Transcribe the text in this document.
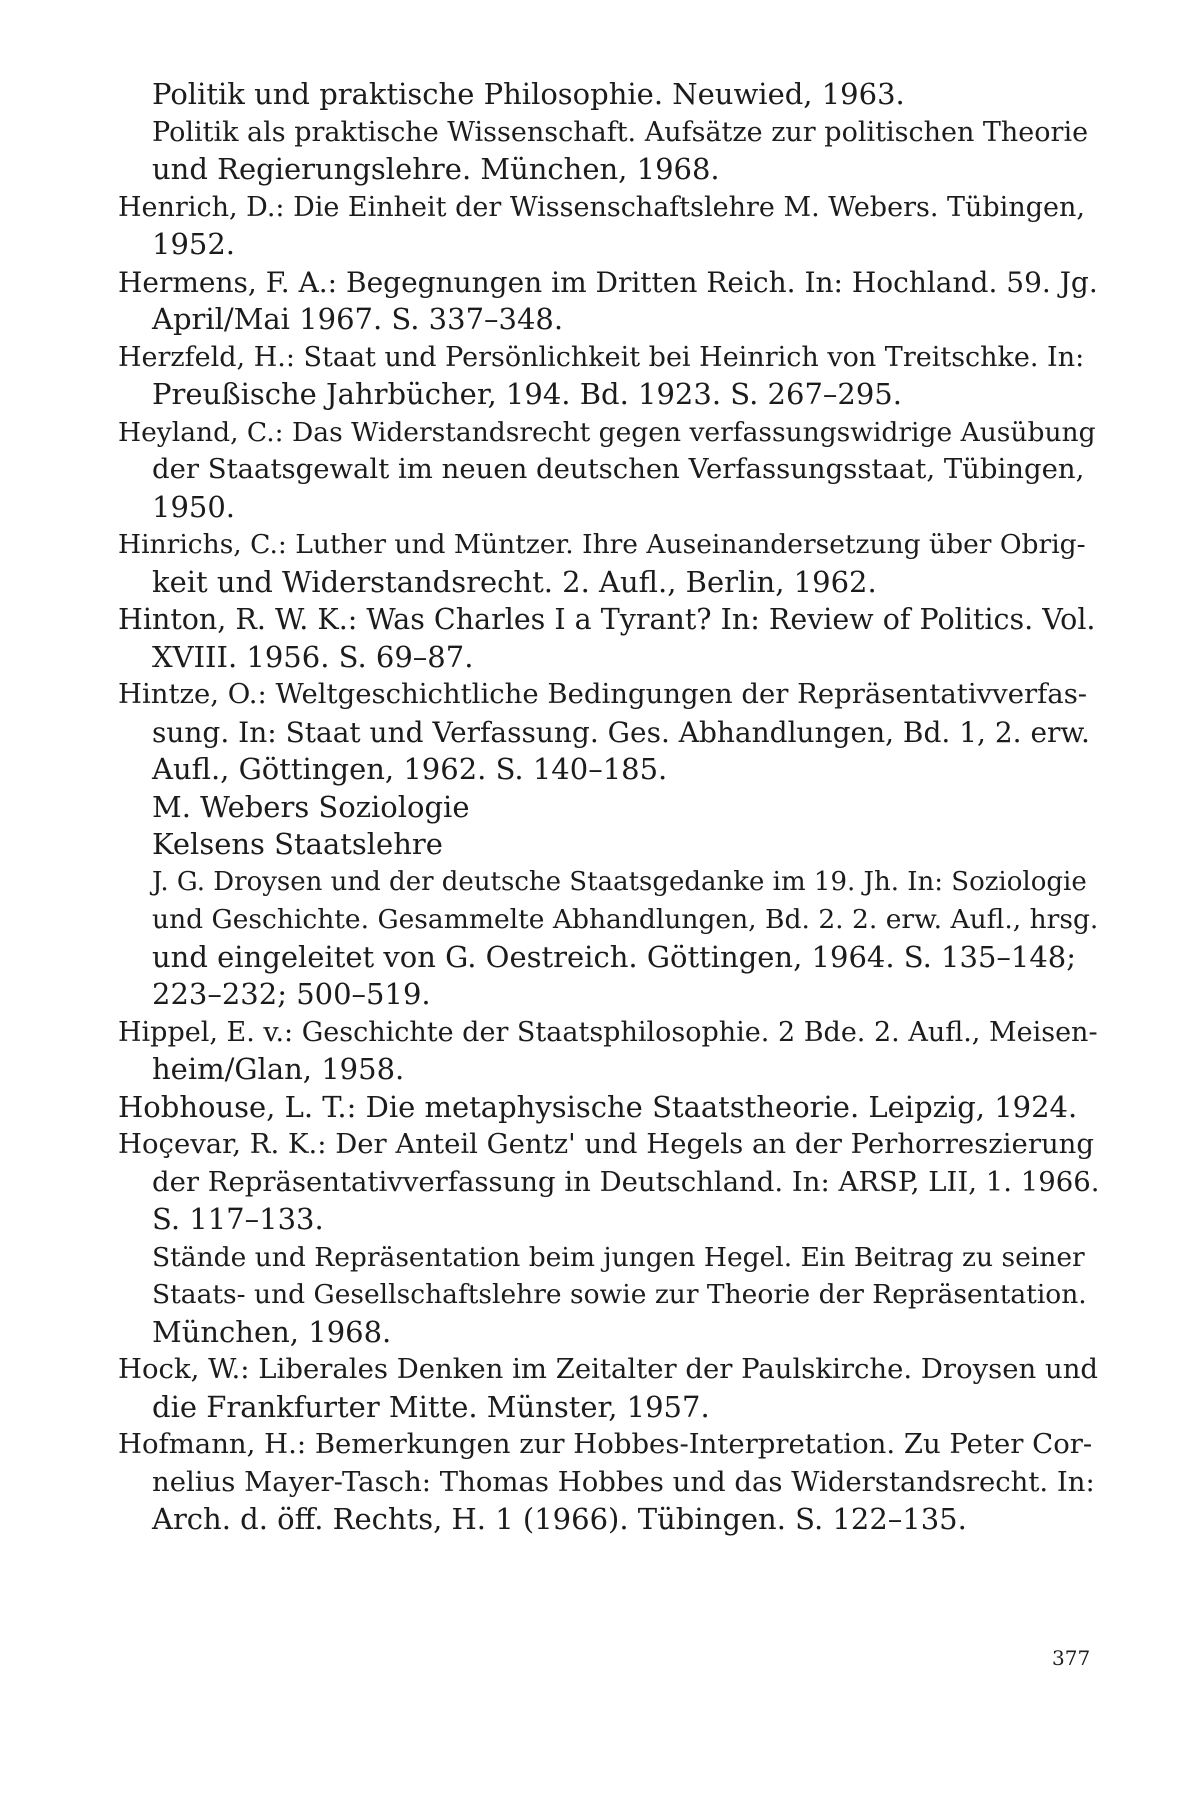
Politik und praktische Philosophie. Neuwied, 1963.
Politik als praktische Wissenschaft. Aufsätze zur politischen Theorie
und Regierungslehre. München, 1968.
Henrich, D.: Die Einheit der Wissenschaftslehre M. Webers. Tübingen,
1952.
Hermens, F. A.: Begegnungen im Dritten Reich. In: Hochland. 59. Jg.
April/Mai 1967. S. 337–348.
Herzfeld, H.: Staat und Persönlichkeit bei Heinrich von Treitschke. In:
Preußische Jahrbücher, 194. Bd. 1923. S. 267–295.
Heyland, C.: Das Widerstandsrecht gegen verfassungswidrige Ausübung
der Staatsgewalt im neuen deutschen Verfassungsstaat, Tübingen,
1950.
Hinrichs, C.: Luther und Müntzer. Ihre Auseinandersetzung über Obrig-
keit und Widerstandsrecht. 2. Aufl., Berlin, 1962.
Hinton, R. W. K.: Was Charles I a Tyrant? In: Review of Politics. Vol.
XVIII. 1956. S. 69–87.
Hintze, O.: Weltgeschichtliche Bedingungen der Repräsentativverfas-
sung. In: Staat und Verfassung. Ges. Abhandlungen, Bd. 1, 2. erw.
Aufl., Göttingen, 1962. S. 140–185.
M. Webers Soziologie
Kelsens Staatslehre
J. G. Droysen und der deutsche Staatsgedanke im 19. Jh. In: Soziologie
und Geschichte. Gesammelte Abhandlungen, Bd. 2. 2. erw. Aufl., hrsg.
und eingeleitet von G. Oestreich. Göttingen, 1964. S. 135–148;
223–232; 500–519.
Hippel, E. v.: Geschichte der Staatsphilosophie. 2 Bde. 2. Aufl., Meisen-
heim/Glan, 1958.
Hobhouse, L. T.: Die metaphysische Staatstheorie. Leipzig, 1924.
Hoçevar, R. K.: Der Anteil Gentz' und Hegels an der Perhorreszierung
der Repräsentativverfassung in Deutschland. In: ARSP, LII, 1. 1966.
S. 117–133.
Stände und Repräsentation beim jungen Hegel. Ein Beitrag zu seiner
Staats- und Gesellschaftslehre sowie zur Theorie der Repräsentation.
München, 1968.
Hock, W.: Liberales Denken im Zeitalter der Paulskirche. Droysen und
die Frankfurter Mitte. Münster, 1957.
Hofmann, H.: Bemerkungen zur Hobbes-Interpretation. Zu Peter Cor-
nelius Mayer-Tasch: Thomas Hobbes und das Widerstandsrecht. In:
Arch. d. öff. Rechts, H. 1 (1966). Tübingen. S. 122–135.
377
